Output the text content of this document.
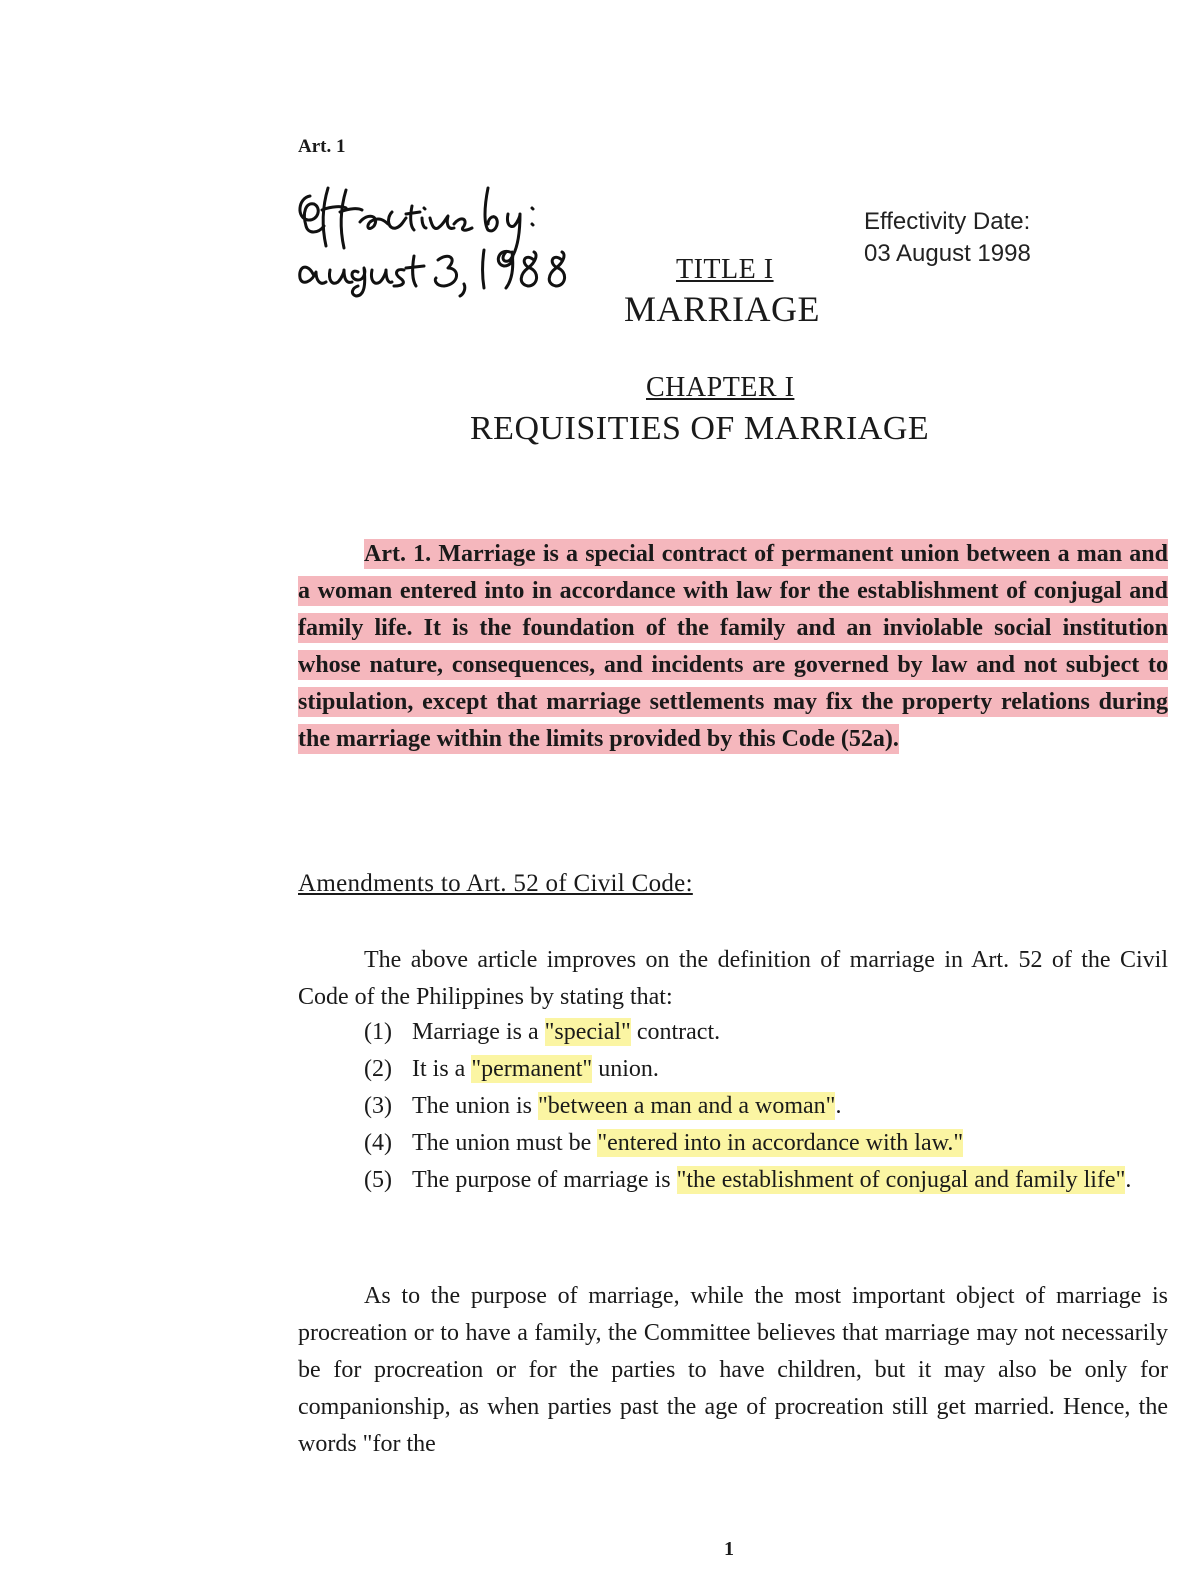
Art. 1
Effectivity Date:
03 August 1998
TITLE I
MARRIAGE
CHAPTER I
REQUISITIES OF MARRIAGE
Art. 1. Marriage is a special contract of permanent union between a man and a woman entered into in accordance with law for the establishment of conjugal and family life. It is the foundation of the family and an inviolable social institution whose nature, consequences, and incidents are governed by law and not subject to stipulation, except that marriage settlements may fix the property relations during the marriage within the limits provided by this Code (52a).
Amendments to Art. 52 of Civil Code:
The above article improves on the definition of marriage in Art. 52 of the Civil Code of the Philippines by stating that:
(1) Marriage is a "special" contract.
(2) It is a "permanent" union.
(3) The union is "between a man and a woman".
(4) The union must be "entered into in accordance with law."
(5) The purpose of marriage is "the establishment of conjugal and family life".
As to the purpose of marriage, while the most important object of marriage is procreation or to have a family, the Committee believes that marriage may not necessarily be for procreation or for the parties to have children, but it may also be only for companionship, as when parties past the age of procreation still get married. Hence, the words "for the
1
